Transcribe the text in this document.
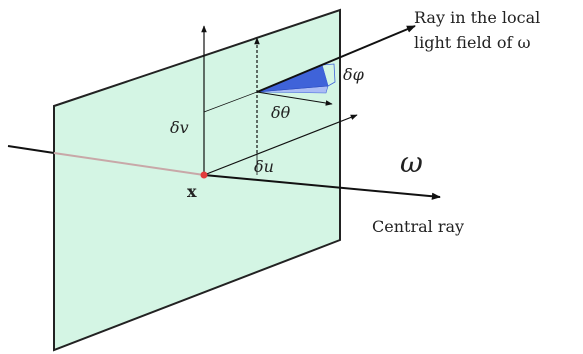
Ray in the local
light field of ω
δφ
δθ
δv
δu	ω
x
Central ray
